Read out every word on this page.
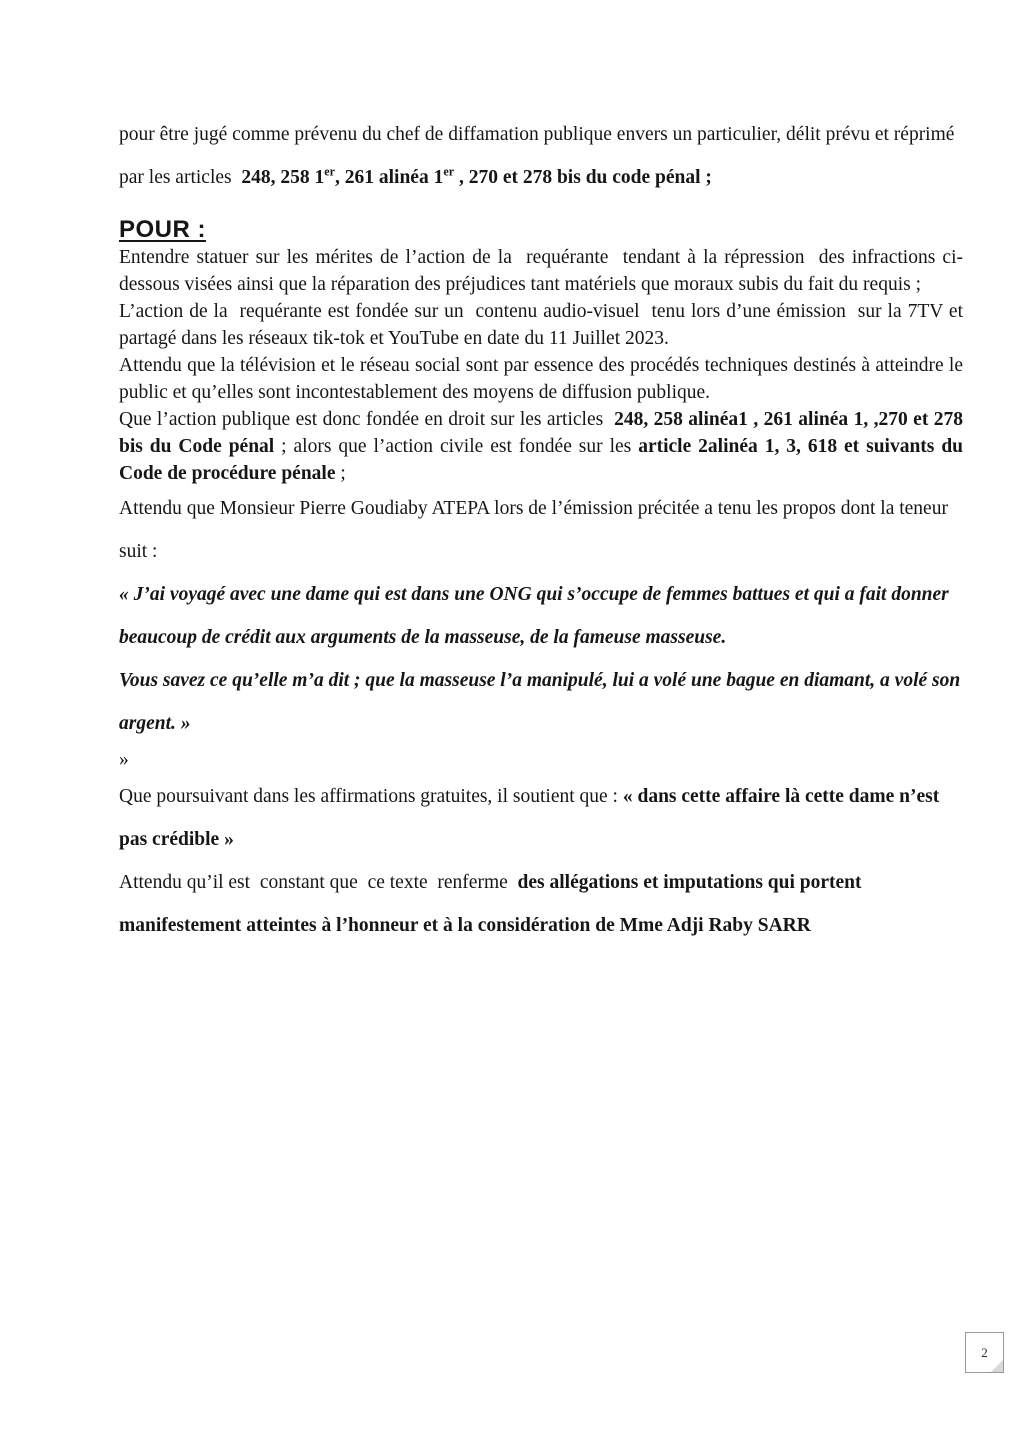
pour être jugé comme prévenu du chef de diffamation publique envers un particulier, délit prévu et réprimé par les articles  248, 258 1er, 261 alinéa 1er , 270 et 278 bis du code pénal ;

POUR :

Entendre statuer sur les mérites de l’action de la  requérante  tendant à la répression  des infractions ci-dessous visées ainsi que la réparation des préjudices tant matériels que moraux subis du fait du requis ;

L’action de la  requérante est fondée sur un  contenu audio-visuel  tenu lors d’une émission  sur la 7TV et  partagé dans les réseaux tik-tok et YouTube en date du 11 Juillet 2023.

Attendu que la télévision et le réseau social sont par essence des procédés techniques destinés à atteindre le public et qu’elles sont incontestablement des moyens de diffusion publique.

Que l’action publique est donc fondée en droit sur les articles  248, 258 alinéa1 , 261 alinéa 1, ,270 et 278 bis du Code pénal ; alors que l’action civile est fondée sur les article 2alinéa 1, 3, 618 et suivants du Code de procédure pénale ;

Attendu que Monsieur Pierre Goudiaby ATEPA lors de l’émission précitée a tenu les propos dont la teneur suit :

« J’ai voyagé avec une dame qui est dans une ONG qui s’occupe de femmes battues et qui a fait donner beaucoup de crédit aux arguments de la masseuse, de la fameuse masseuse.

Vous savez ce qu’elle m’a dit ; que la masseuse l’a manipulé, lui a volé une bague en diamant, a volé son argent. »

»

Que poursuivant dans les affirmations gratuites, il soutient que : « dans cette affaire là cette dame n’est pas crédible »

Attendu qu’il est  constant que  ce texte  renferme  des allégations et imputations qui portent manifestement atteintes à l’honneur et à la considération de Mme Adji Raby SARR

2
